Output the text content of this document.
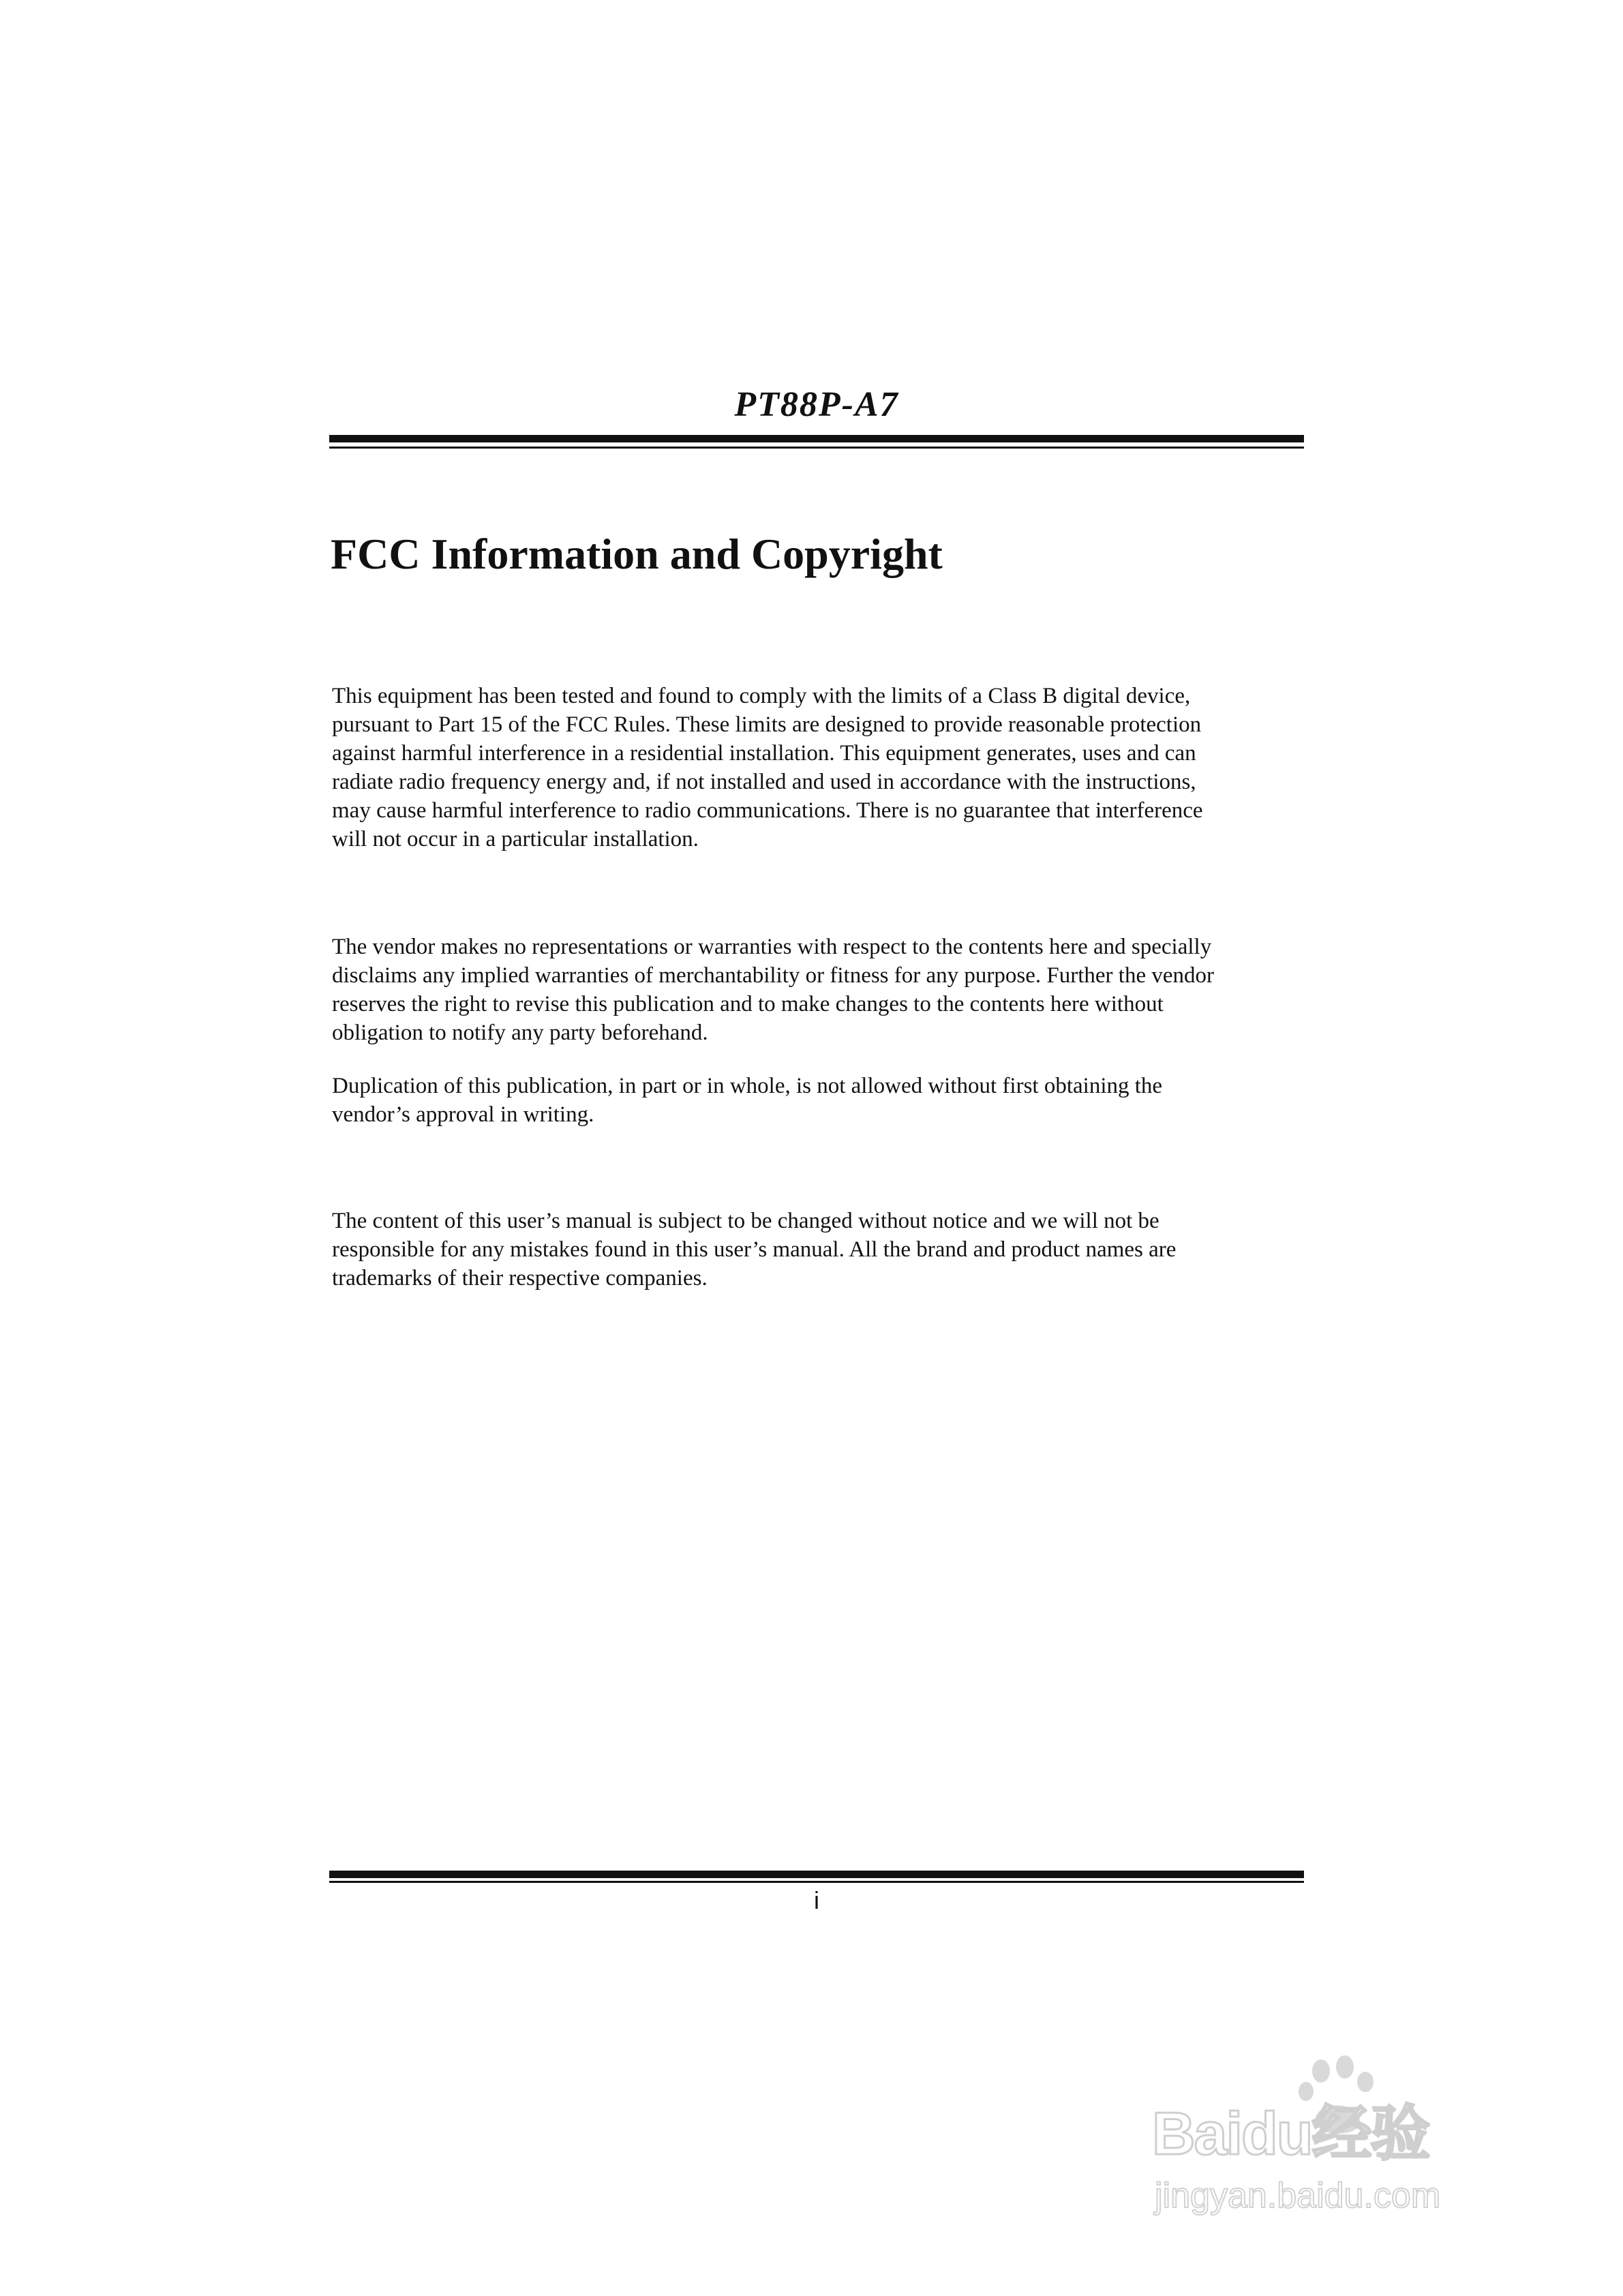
PT88P-A7
FCC Information and Copyright
This equipment has been tested and found to comply with the limits of a Class B digital device,
pursuant to Part 15 of the FCC Rules. These limits are designed to provide reasonable protection
against harmful interference in a residential installation. This equipment generates, uses and can
radiate radio frequency energy and, if not installed and used in accordance with the instructions,
may cause harmful interference to radio communications. There is no guarantee that interference
will not occur in a particular installation.
The vendor makes no representations or warranties with respect to the contents here and specially
disclaims any implied warranties of merchantability or fitness for any purpose. Further the vendor
reserves the right to revise this publication and to make changes to the contents here without
obligation to notify any party beforehand.
Duplication of this publication, in part or in whole, is not allowed without first obtaining the
vendor’s approval in writing.
The content of this user’s manual is subject to be changed without notice and we will not be
responsible for any mistakes found in this user’s manual. All the brand and product names are
trademarks of their respective companies.
i
Baidu经验
jingyan.baidu.com
